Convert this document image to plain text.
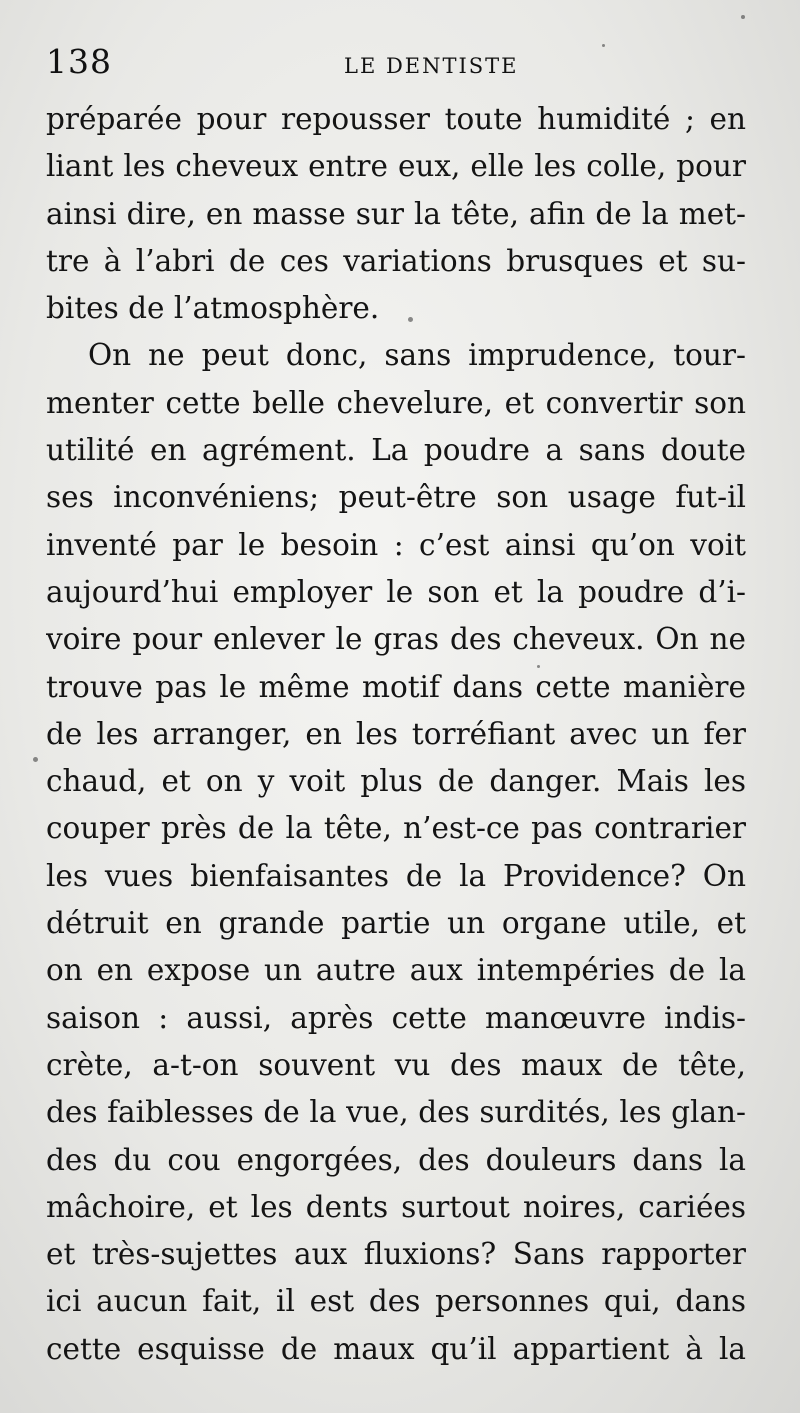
138	LE DENTISTE
préparée pour repousser toute humidité ; en
liant les cheveux entre eux, elle les colle, pour
ainsi dire, en masse sur la tête, afin de la met-
tre à l’abri de ces variations brusques et su-
bites de l’atmosphère.
On ne peut donc, sans imprudence, tour-
menter cette belle chevelure, et convertir son
utilité en agrément. La poudre a sans doute
ses inconvéniens; peut-être son usage fut-il
inventé par le besoin : c’est ainsi qu’on voit
aujourd’hui employer le son et la poudre d’i-
voire pour enlever le gras des cheveux. On ne
trouve pas le même motif dans cette manière
de les arranger, en les torréfiant avec un fer
chaud, et on y voit plus de danger. Mais les
couper près de la tête, n’est-ce pas contrarier
les vues bienfaisantes de la Providence? On
détruit en grande partie un organe utile, et
on en expose un autre aux intempéries de la
saison : aussi, après cette manœuvre indis-
crète, a-t-on souvent vu des maux de tête,
des faiblesses de la vue, des surdités, les glan-
des du cou engorgées, des douleurs dans la
mâchoire, et les dents surtout noires, cariées
et très-sujettes aux fluxions? Sans rapporter
ici aucun fait, il est des personnes qui, dans
cette esquisse de maux qu’il appartient à la
